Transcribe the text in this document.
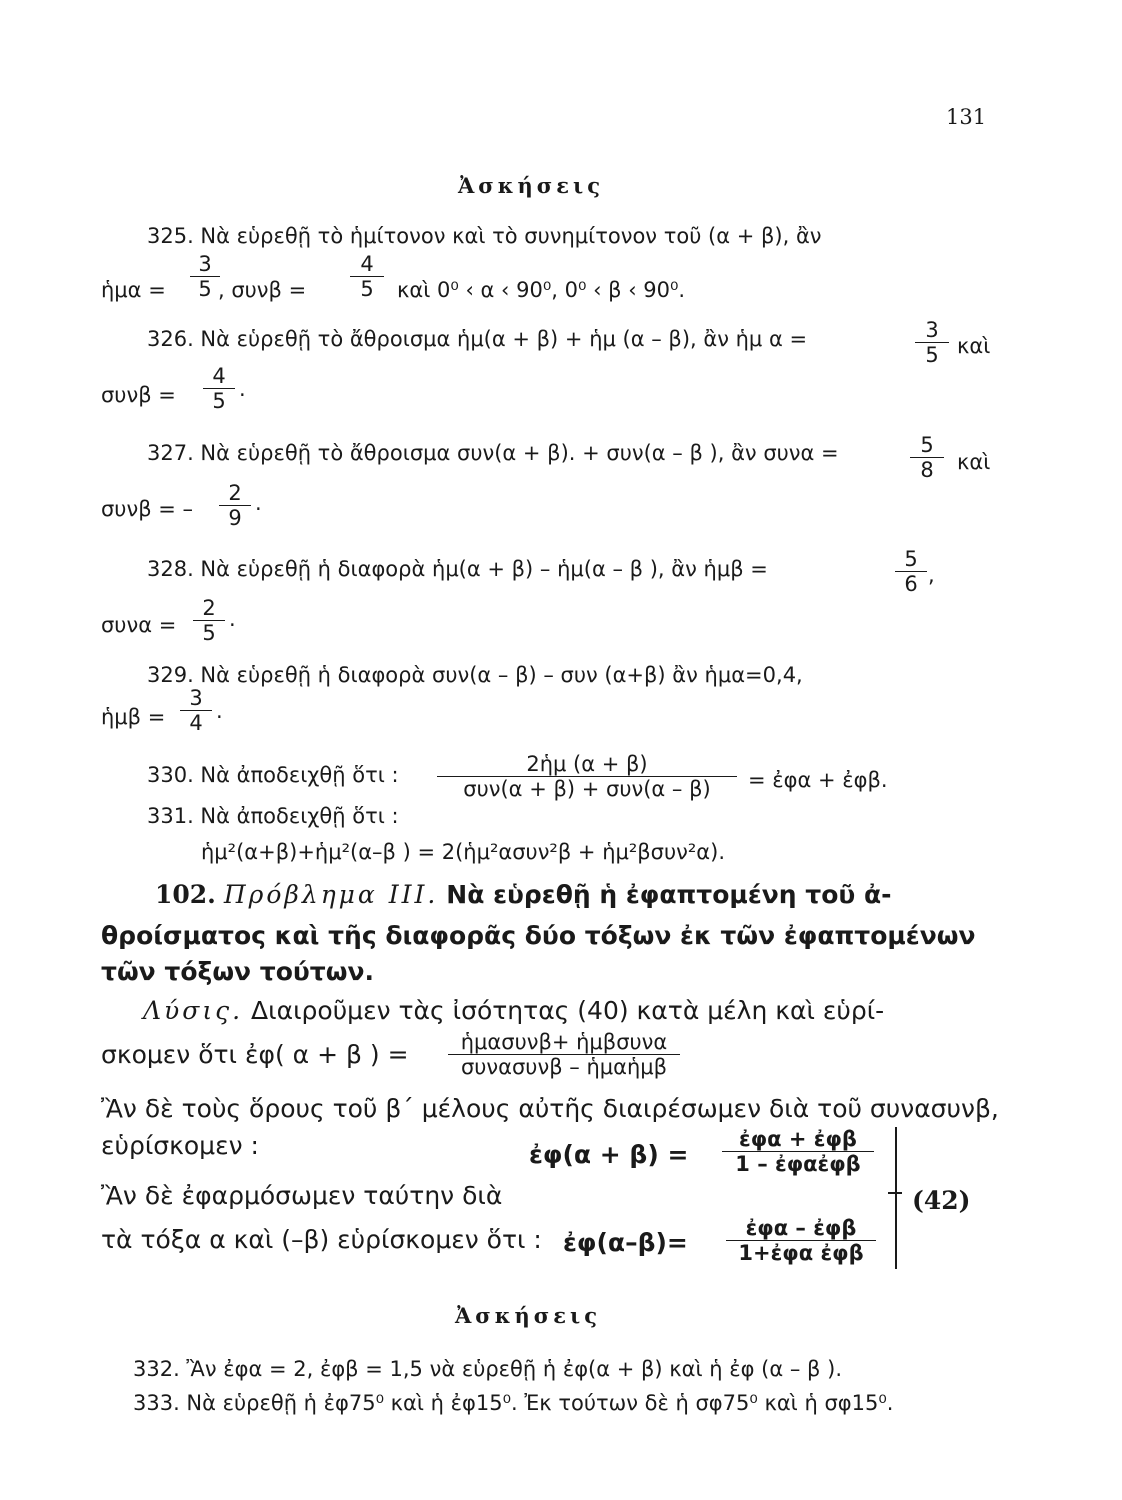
131
Ἀσκήσεις
325. Νὰ εὑρεθῇ τὸ ἡμίτονον καὶ τὸ συνημίτονον τοῦ (α + β), ἂν
ἡμα =
3
5 , συνβ =
4
5	καὶ 0⁰ ‹ α ‹ 90⁰, 0⁰ ‹ β ‹ 90⁰.
326. Νὰ εὑρεθῇ τὸ ἄθροισμα ἡμ(α + β) + ἡμ (α – β), ἂν ἡμ α =	3
5 καὶ
συνβ =
4
5 ·
327. Νὰ εὑρεθῇ τὸ ἄθροισμα συν(α + β). + συν(α – β ), ἂν συνα =	5
8	καὶ
συνβ = –
2
9 ·
328. Νὰ εὑρεθῇ ἡ διαφορὰ ἡμ(α + β) – ἡμ(α – β ), ἂν ἡμβ =	5
6 ,
συνα =
2
5 ·
329. Νὰ εὑρεθῇ ἡ διαφορὰ συν(α – β) – συν (α+β) ἂν ἡμα=0,4,
ἡμβ =
3
4 ·
330. Νὰ ἀποδειχθῇ ὅτι :	2ἡμ (α + β)
συν(α + β) + συν(α – β)	= ἐφα + ἐφβ.
331. Νὰ ἀποδειχθῇ ὅτι :
ἡμ²(α+β)+ἡμ²(α–β ) = 2(ἡμ²ασυν²β + ἡμ²βσυν²α).
102. Πρόβλημα III. Νὰ εὑρεθῇ ἡ ἐφαπτομένη τοῦ ἀ-
θροίσματος καὶ τῆς διαφορᾶς δύο τόξων ἐκ τῶν ἐφαπτομένων
τῶν τόξων τούτων.
Λύσις. Διαιροῦμεν τὰς ἰσότητας (40) κατὰ μέλη καὶ εὑρί-
σκομεν ὅτι ἐφ( α + β ) =	ἡμασυνβ+ ἡμβσυνα
συνασυνβ – ἡμαἡμβ
Ἂν δὲ τοὺς ὅρους τοῦ β΄ μέλους αὐτῆς διαιρέσωμεν διὰ τοῦ συνασυνβ,
εὑρίσκομεν :	ἐφ(α + β) =
ἐφα + ἐφβ
1 – ἐφαἐφβ
Ἂν δὲ ἐφαρμόσωμεν ταύτην διὰ
τὰ τόξα α καὶ (–β) εὑρίσκομεν ὅτι : ἐφ(α–β)=	ἐφα – ἐφβ
1+ἐφα ἐφβ
(42)
Ἀσκήσεις
332. Ἂν ἐφα = 2, ἐφβ = 1,5 νὰ εὑρεθῇ ἡ ἐφ(α + β) καὶ ἡ ἐφ (α – β ).
333. Νὰ εὑρεθῇ ἡ ἐφ75⁰ καὶ ἡ ἐφ15⁰. Ἐκ τούτων δὲ ἡ σφ75⁰ καὶ ἡ σφ15⁰.
